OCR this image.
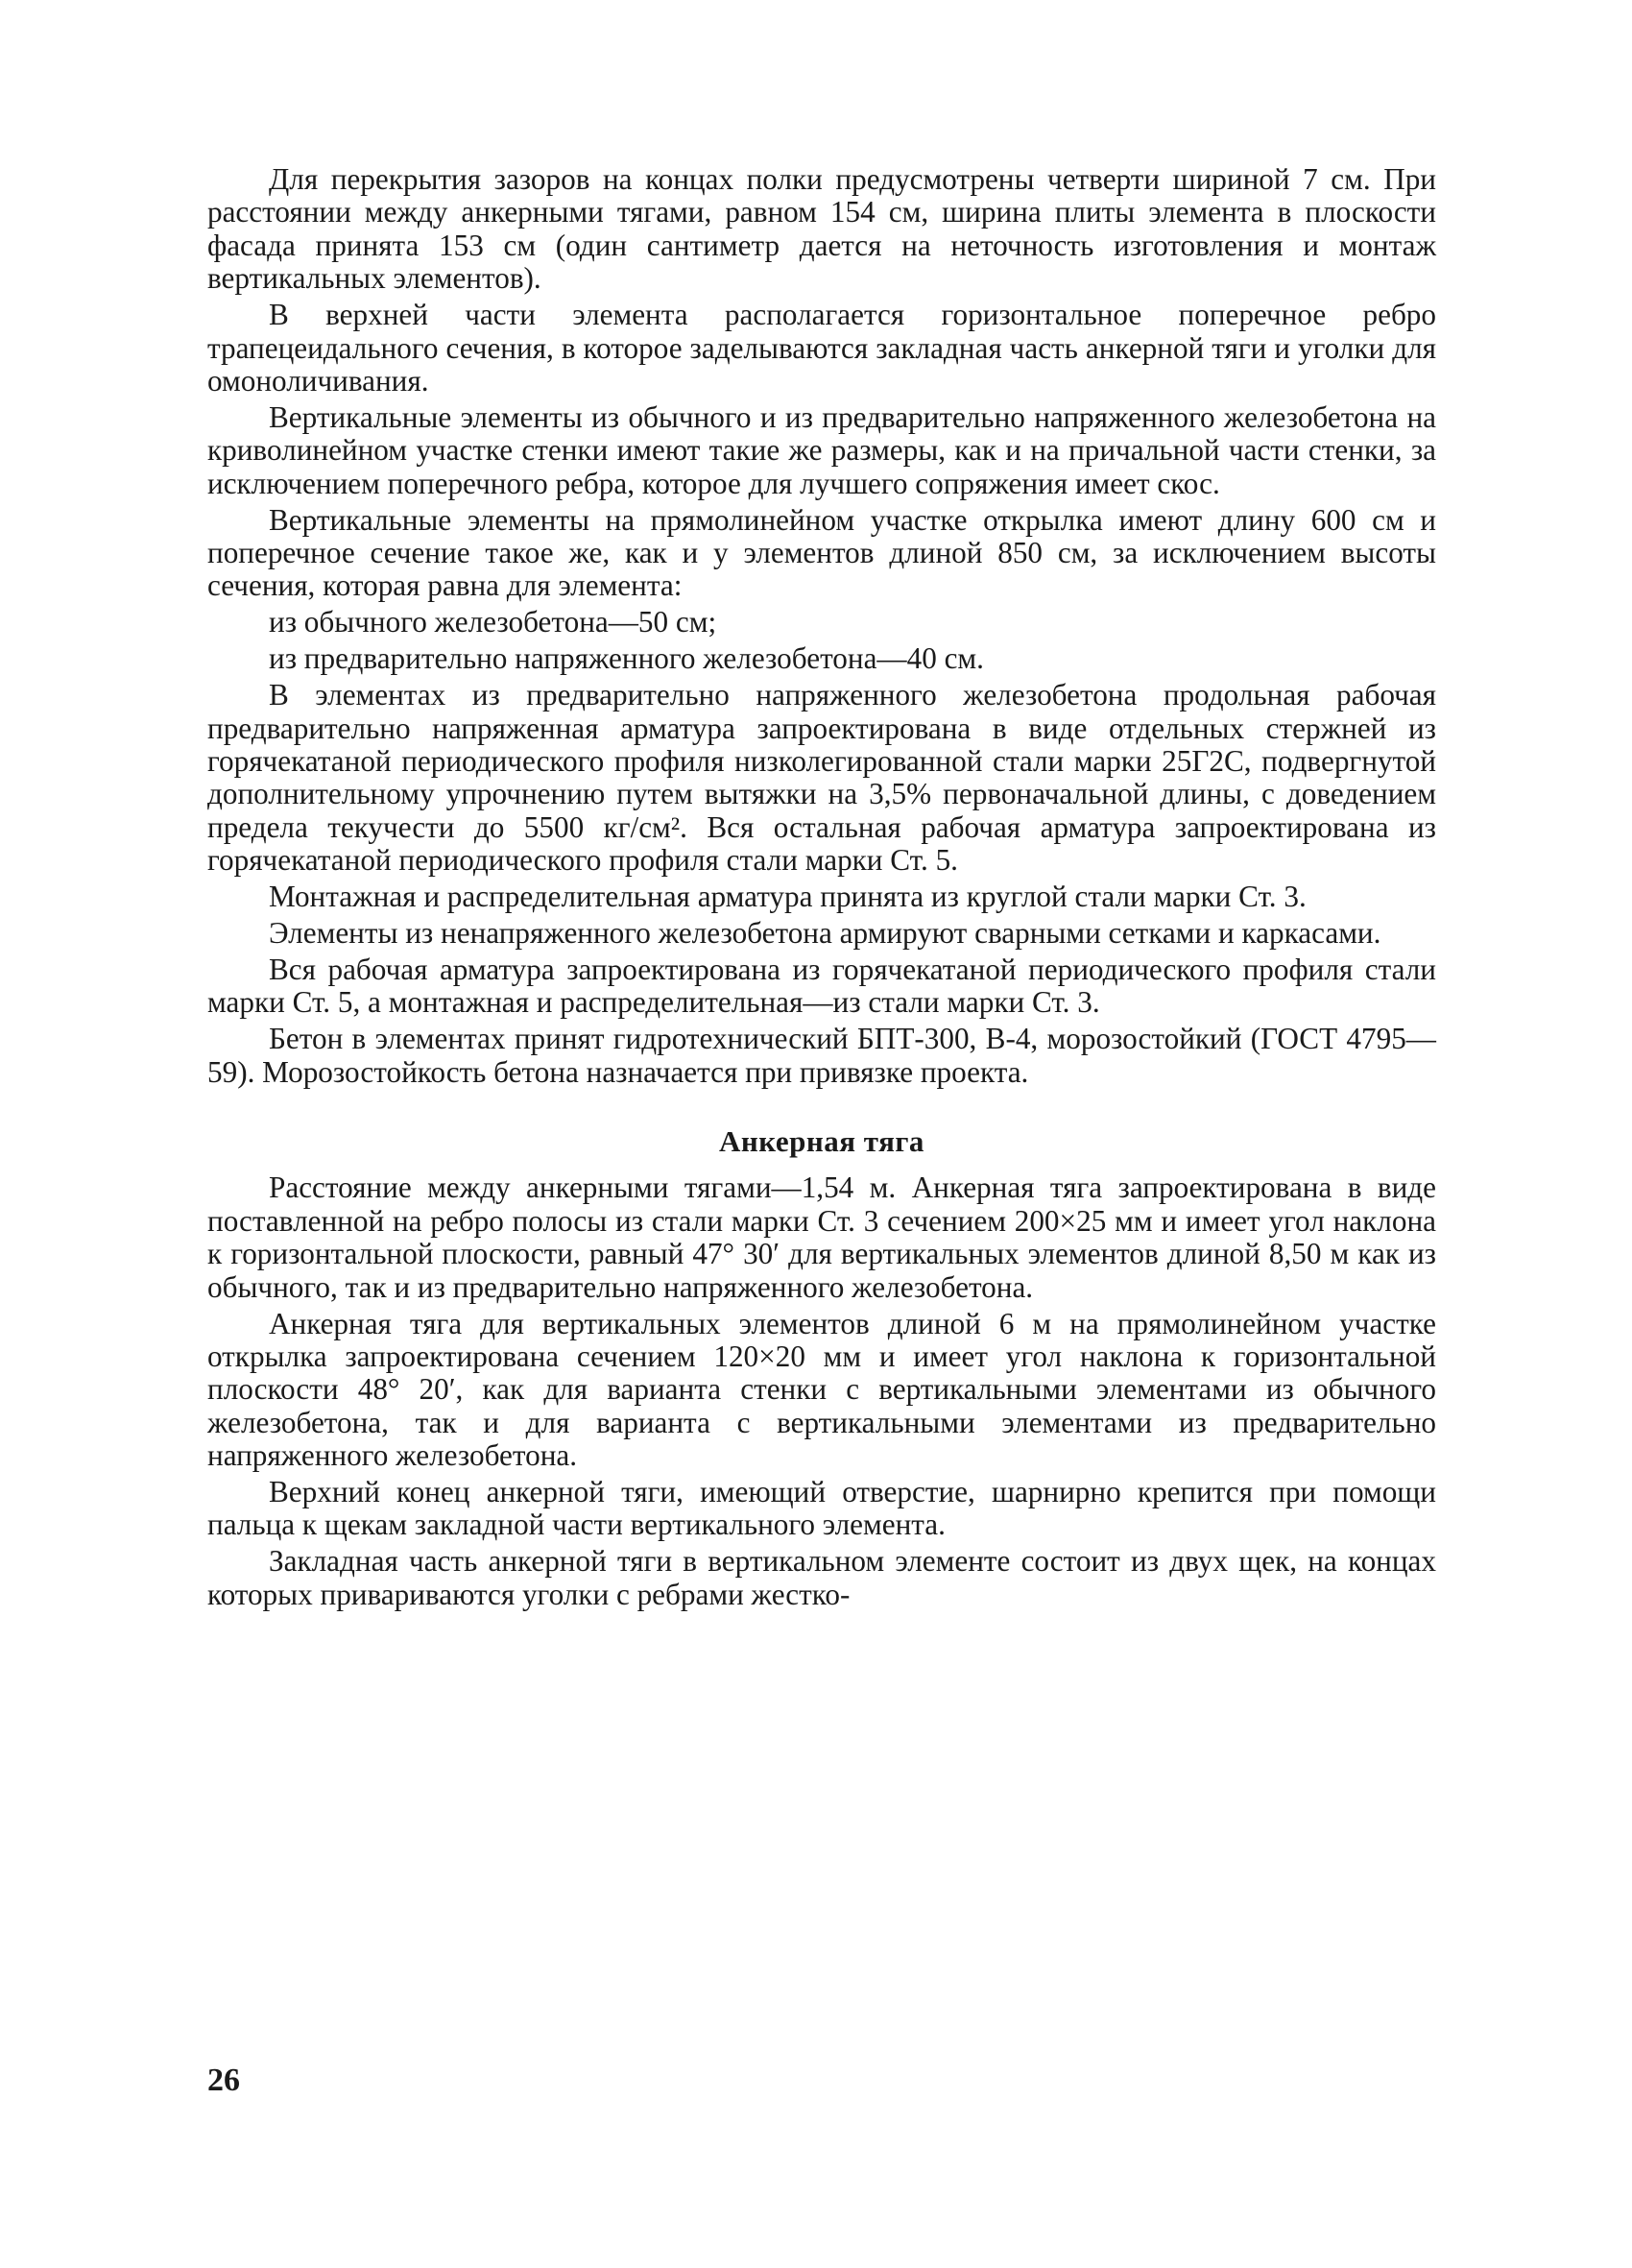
Для перекрытия зазоров на концах полки предусмотрены четверти шириной 7 см. При расстоянии между анкерными тягами, равном 154 см, ширина плиты элемента в плоскости фасада принята 153 см (один сантиметр дается на неточность изготовления и монтаж вертикальных элементов).

В верхней части элемента располагается горизонтальное поперечное ребро трапецеидального сечения, в которое заделываются закладная часть анкерной тяги и уголки для омоноличивания.

Вертикальные элементы из обычного и из предварительно напряженного железобетона на криволинейном участке стенки имеют такие же размеры, как и на причальной части стенки, за исключением поперечного ребра, которое для лучшего сопряжения имеет скос.

Вертикальные элементы на прямолинейном участке открылка имеют длину 600 см и поперечное сечение такое же, как и у элементов длиной 850 см, за исключением высоты сечения, которая равна для элемента:

из обычного железобетона—50 см;

из предварительно напряженного железобетона—40 см.

В элементах из предварительно напряженного железобетона продольная рабочая предварительно напряженная арматура запроектирована в виде отдельных стержней из горячекатаной периодического профиля низколегированной стали марки 25Г2С, подвергнутой дополнительному упрочнению путем вытяжки на 3,5% первоначальной длины, с доведением предела текучести до 5500 кг/см². Вся остальная рабочая арматура запроектирована из горячекатаной периодического профиля стали марки Ст. 5.

Монтажная и распределительная арматура принята из круглой стали марки Ст. 3.

Элементы из ненапряженного железобетона армируют сварными сетками и каркасами.

Вся рабочая арматура запроектирована из горячекатаной периодического профиля стали марки Ст. 5, а монтажная и распределительная—из стали марки Ст. 3.

Бетон в элементах принят гидротехнический БПТ-300, В-4, морозостойкий (ГОСТ 4795—59). Морозостойкость бетона назначается при привязке проекта.

Анкерная тяга

Расстояние между анкерными тягами—1,54 м. Анкерная тяга запроектирована в виде поставленной на ребро полосы из стали марки Ст. 3 сечением 200×25 мм и имеет угол наклона к горизонтальной плоскости, равный 47° 30′ для вертикальных элементов длиной 8,50 м как из обычного, так и из предварительно напряженного железобетона.

Анкерная тяга для вертикальных элементов длиной 6 м на прямолинейном участке открылка запроектирована сечением 120×20 мм и имеет угол наклона к горизонтальной плоскости 48° 20′, как для варианта стенки с вертикальными элементами из обычного железобетона, так и для варианта с вертикальными элементами из предварительно напряженного железобетона.

Верхний конец анкерной тяги, имеющий отверстие, шарнирно крепится при помощи пальца к щекам закладной части вертикального элемента.

Закладная часть анкерной тяги в вертикальном элементе состоит из двух щек, на концах которых привариваются уголки с ребрами жестко-

26
